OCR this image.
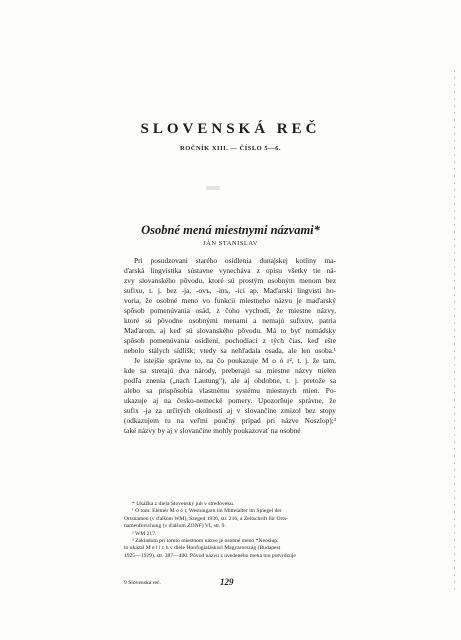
SLOVENSKÁ REČ
ROČNÍK XIII. — ČÍSLO 5—6.
Osobné mená miestnymi názvami*
JÁN STANISLAV
Pri posudzovaní starého osídlenia dunajskej kotliny ma-
ďarská lingvistika sústavne vynecháva z opisu všetky tie ná-
zvy slovanského pôvodu, ktoré sú prostým osobným menom bez
sufixu, t. j. bez -ja, -ovъ, -inъ, -ici ap. Maďarskí lingvisti ho-
voria, že osobné meno vo funkcii miestneho názvu je maďarský
spôsob pomenúvania osád, z čoho vychodí, že miestne názvy,
ktoré sú pôvodne osobnými menami a nemajú sufixov, patria
Maďarom, aj keď sú slovanského pôvodu. Má to byť nomádsky
spôsob pomenúvania osídlení, pochodiaci z tých čias, keď ešte
nebolo stálych sídlišk; vtedy sa nehľadala osada, ale len osoba.¹
Je istejšie správne to, na čo poukazuje M o ó r², t. j. že tam,
kde sa stretajú dva národy, preberajú sa miestne názvy nielen
podľa znenia („nach Lautung"), ale aj obdobne, t. j. pretože sa
alebo sa prispôsobia vlastnému systému miestnych mien. Po-
ukazuje aj na česko-nemecké pomery. Upozorňuje správne, že
sufix -ja za určitých okolností aj v slovančine zmizol bez stopy
(odkazujem tu na veľmi poučný prípad pri názve Noszlop);³
také názvy by aj v slovančine mohly poukazovať na osobné
* Ukážka z diela Slovenský juh v stredoveku.
¹ O tom: Elemér M o ó r, Westungarn im Mittelalter im Spiegel der
Ortsnamen (v ďalšom WM), Szeged 1936, str. 216, a Zeitschrift für Orts-
namenforschung (v ďalšom ZONF) VI, str. 9.
² WM 217.
³ Základom pri tomto miestnom názve je osobné meno *Neoslup;
to ukázal M e l i c h v diele Honfoglaláskori Magyarország (Budapest
1925—1929), str. 387—400. Pôvod názvu z uvedeného mena mu potvrdzuje
9 Slovenská reč.	129
